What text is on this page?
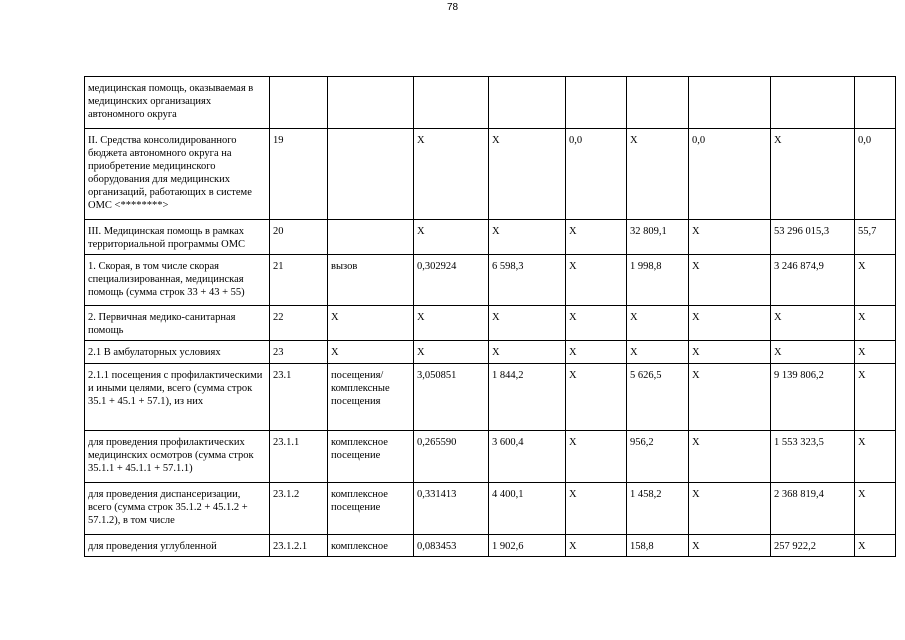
78
медицинская помощь, оказываемая в медицинских организациях автономного округа									
II. Средства консолидированного бюджета автономного округа на приобретение медицинского оборудования для медицинских организаций, работающих в системе ОМС <********>	19		X	X	0,0	X	0,0	X	0,0
III. Медицинская помощь в рамках территориальной программы ОМС	20		X	X	X	32 809,1	X	53 296 015,3	55,7
1. Скорая, в том числе скорая специализированная, медицинская помощь (сумма строк 33 + 43 + 55)	21	вызов	0,302924	6 598,3	X	1 998,8	X	3 246 874,9	X
2. Первичная медико-санитарная помощь	22	X	X	X	X	X	X	X	X
2.1 В амбулаторных условиях	23	X	X	X	X	X	X	X	X
2.1.1 посещения с профилактическими и иными целями, всего (сумма строк 35.1 + 45.1 + 57.1), из них	23.1	посещения/комплексные посещения	3,050851	1 844,2	X	5 626,5	X	9 139 806,2	X
для проведения профилактических медицинских осмотров (сумма строк 35.1.1 + 45.1.1 + 57.1.1)	23.1.1	комплексное посещение	0,265590	3 600,4	X	956,2	X	1 553 323,5	X
для проведения диспансеризации, всего (сумма строк 35.1.2 + 45.1.2 + 57.1.2), в том числе	23.1.2	комплексное посещение	0,331413	4 400,1	X	1 458,2	X	2 368 819,4	X
для проведения углубленной	23.1.2.1	комплексное	0,083453	1 902,6	X	158,8	X	257 922,2	X
